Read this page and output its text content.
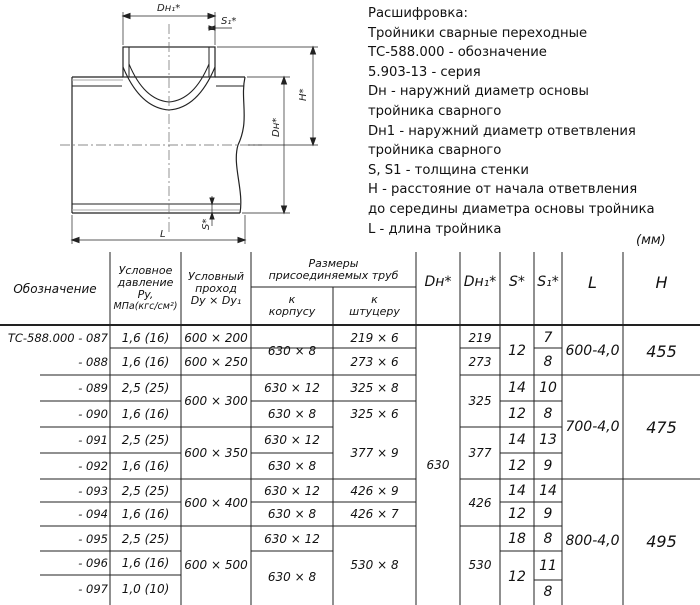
Dн₁*
S₁*
H*
Dн*
S*
L
Расшифровка:
Тройники сварные переходные
ТС-588.000 - обозначение
5.903-13 - серия
Dн - наружний диаметр основы
тройника сварного
Dн1 - наружний диаметр ответвления
тройника сварного
S, S1 - толщина стенки
H - расстояние от начала ответвления
до середины диаметра основы тройника
L - длина тройника
(мм)
Обозначение
Условное
давление
Py,
МПа(кгс/см²)
Условный
проход
Dy × Dy₁
Размеры
присоединяемых труб
к
корпусу
к
штуцеру
Dн* Dн₁* S* S₁*	L	H
ТС-588.000 - 087
- 088
- 089
- 090
- 091
- 092
- 093
- 094
- 095
- 096
- 097
1,6 (16)
1,6 (16)
2,5 (25)
1,6 (16)
2,5 (25)
1,6 (16)
2,5 (25)
1,6 (16)
2,5 (25)
1,6 (16)
1,0 (10)
600 × 200
600 × 250
600 × 300
600 × 350
600 × 400
600 × 500
630 × 8
630 × 12
630 × 8
630 × 12
630 × 8
630 × 12
630 × 8
630 × 12
630 × 8
219 × 6
273 × 6
325 × 8
325 × 6
377 × 9
426 × 9
426 × 7
530 × 8
630
219
273
325
377
426
530
12
14
12
14
12
14
12
18
12
7
8
10
8
13
9
14
9
8
11
8
600-4,0
700-4,0
800-4,0
455
475
495
